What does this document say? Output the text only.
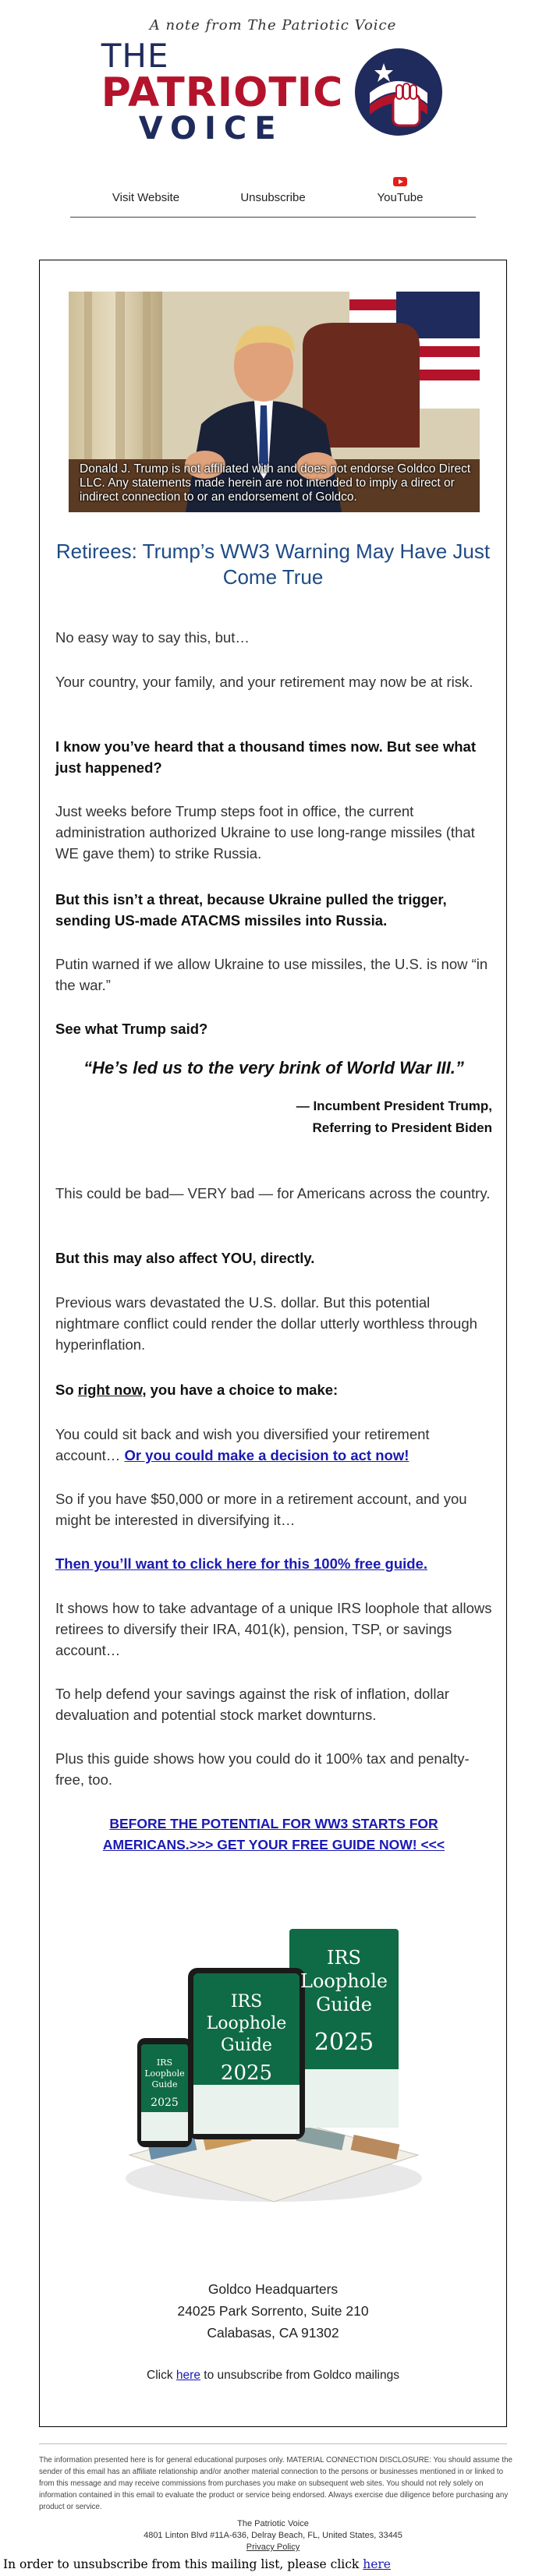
A note from The Patriotic Voice
THE
PATRIOTIC
VOICE
Visit Website	Unsubscribe	YouTube
Donald J. Trump is not affiliated with and does not endorse Goldco Direct LLC. Any statements made herein are not intended to imply a direct or indirect connection to or an endorsement of Goldco.
Retirees: Trump’s WW3 Warning May Have Just Come True

No easy way to say this, but…

Your country, your family, and your retirement may now be at risk.

I know you’ve heard that a thousand times now. But see what just happened?

Just weeks before Trump steps foot in office, the current administration authorized Ukraine to use long-range missiles (that WE gave them) to strike Russia.

But this isn’t a threat, because Ukraine pulled the trigger, sending US-made ATACMS missiles into Russia.

Putin warned if we allow Ukraine to use missiles, the U.S. is now “in the war.”

See what Trump said?

“He’s led us to the very brink of World War III.”

— Incumbent President Trump,

Referring to President Biden

This could be bad— VERY bad — for Americans across the country.

But this may also affect YOU, directly.

Previous wars devastated the U.S. dollar. But this potential nightmare conflict could render the dollar utterly worthless through hyperinflation.

So right now, you have a choice to make:

You could sit back and wish you diversified your retirement account… Or you could make a decision to act now!

So if you have $50,000 or more in a retirement account, and you might be interested in diversifying it…

Then you’ll want to click here for this 100% free guide.

It shows how to take advantage of a unique IRS loophole that allows retirees to diversify their IRA, 401(k), pension, TSP, or savings account…

To help defend your savings against the risk of inflation, dollar devaluation and potential stock market downturns.

Plus this guide shows how you could do it 100% tax and penalty-free, too.

BEFORE THE POTENTIAL FOR WW3 STARTS FOR AMERICANS.>>> GET YOUR FREE GUIDE NOW! <<<

IRS
Loophole
Guide
2025
IRS
Loophole
Guide
2025
IRS
Loophole
Guide
2025
Goldco Headquarters
24025 Park Sorrento, Suite 210
Calabasas, CA 91302
Click here to unsubscribe from Goldco mailings
The information presented here is for general educational purposes only. MATERIAL CONNECTION DISCLOSURE: You should assume the sender of this email has an affiliate relationship and/or another material connection to the persons or businesses mentioned in or linked to from this message and may receive commissions from purchases you make on subsequent web sites. You should not rely solely on information contained in this email to evaluate the product or service being endorsed. Always exercise due diligence before purchasing any product or service.
The Patriotic Voice
4801 Linton Blvd #11A-636, Delray Beach, FL, United States, 33445
Privacy Policy
In order to unsubscribe from this mailing list, please click here
